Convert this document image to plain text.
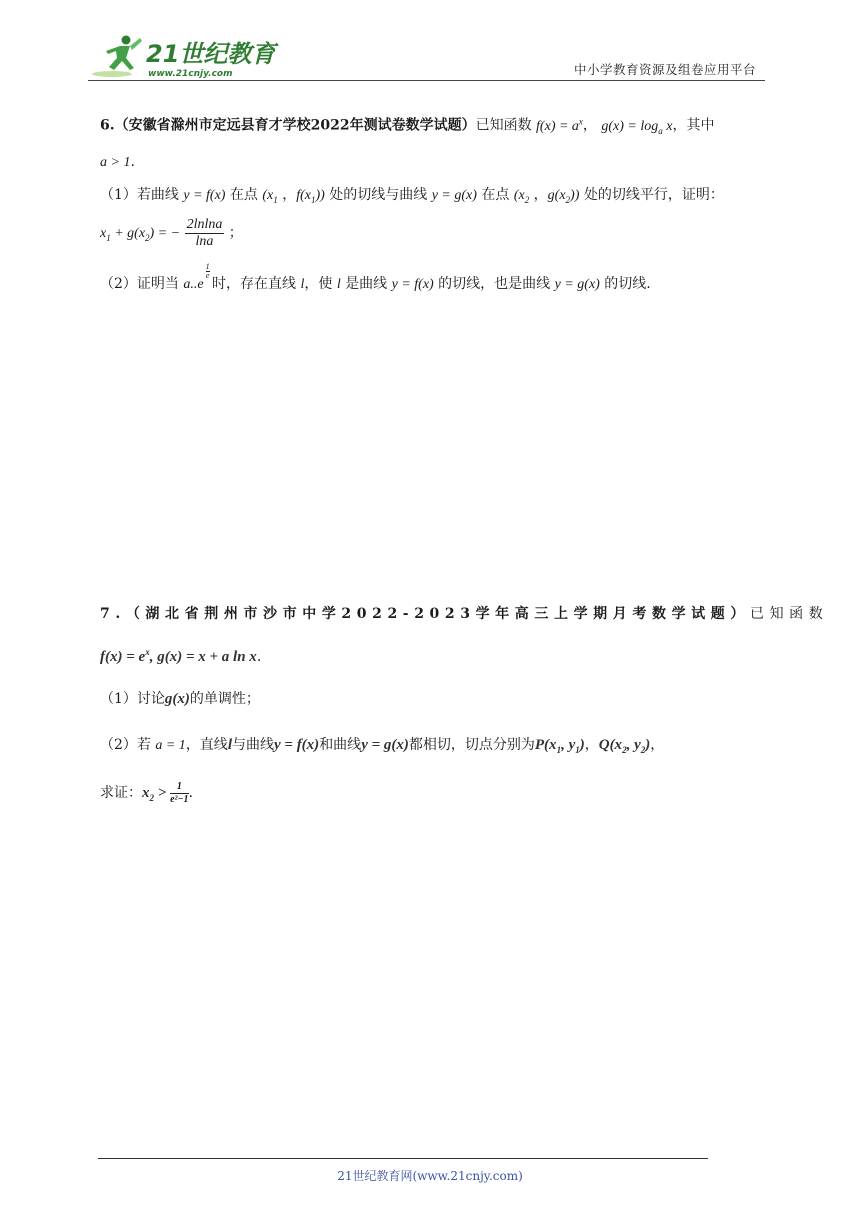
21世纪教育
www.21cnjy.com	中小学教育资源及组卷应用平台
6.（安徽省滁州市定远县育才学校2022年测试卷数学试题）已知函数 $f(x) = a^x$， $g(x) = \log_a x$，其中
a > 1.
（1）若曲线 y = f(x) 在点 ($x_1$ ，$f(x_1)$) 处的切线与曲线 y = g(x) 在点 ($x_2$ ，$g(x_2)$) 处的切线平行，证明：
$x_1 + g(x_2)$ = − $\frac{2lnlna}{\ln a}$ ；
（2）证明当 a..e
1
e
时，存在直线 l，使 l 是曲线 y = f(x) 的切线，也是曲线 y = g(x) 的切线.
7.（湖北省荆州市沙市中学2022-2023学年高三上学期月考数学试题）已知函数
$f(x) = e^x$, g(x) = x + a ln x.
（1）讨论g(x)的单调性；
（2）若 a = 1，直线l与曲线y = f(x)和曲线y = g(x)都相切，切点分别为$P(x_1$, $y_1$)，$Q(x_2$, $y_2$)，
求证：$x_2 > \frac{1}{\text{e²−1}}$ .
21世纪教育网(www.21cnjy.com)
